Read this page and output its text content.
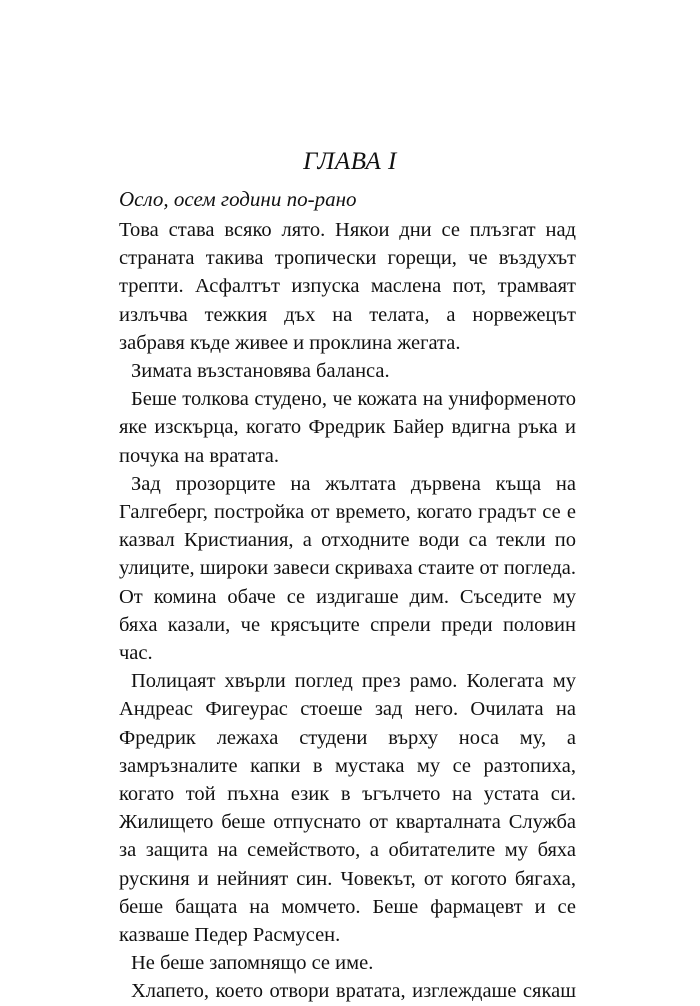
ГЛАВА I

Осло, осем години по-рано

Това става всяко лято. Някои дни се плъзгат над страната такива тропически горещи, че въздухът трепти. Асфалтът изпуска маслена пот, трамваят излъчва тежкия дъх на телата, а норвежецът забравя къде живее и проклина жегата.

Зимата възстановява баланса.

Беше толкова студено, че кожата на униформеното яке изскърца, когато Фредрик Байер вдигна ръка и почука на вратата.

Зад прозорците на жълтата дървена къща на Галгеберг, постройка от времето, когато градът се е казвал Кристиания, а отходните води са текли по улиците, широки завеси скриваха стаите от погледа. От комина обаче се издигаше дим. Съседите му бяха казали, че крясъците спрели преди половин час.

Полицаят хвърли поглед през рамо. Колегата му Андреас Фигеурас стоеше зад него. Очилата на Фредрик лежаха студени върху носа му, а замръзналите капки в мустака му се разтопиха, когато той пъхна език в ъгълчето на устата си. Жилището беше отпуснато от кварталната Служба за защита на семейството, а обитателите му бяха рускиня и нейният син. Човекът, от когото бягаха, беше бащата на момчето. Беше фармацевт и се казваше Педер Расмусен.

Не беше запомнящо се име.

Хлапето, което отвори вратата, изглеждаше сякаш
